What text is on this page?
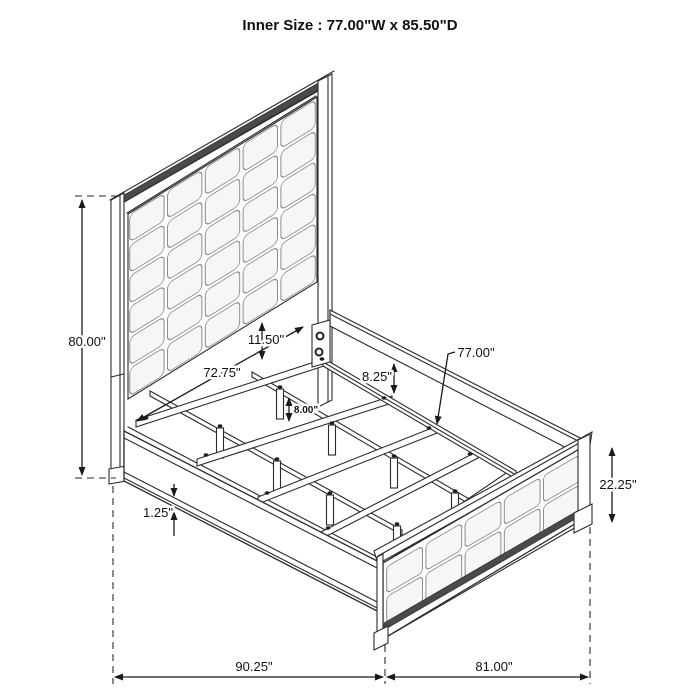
80.00"
72.75"
11.50"
8.25"
8.00"
77.00"
1.25"
22.25"
90.25"	81.00"
Inner Size : 77.00"W x 85.50"D
